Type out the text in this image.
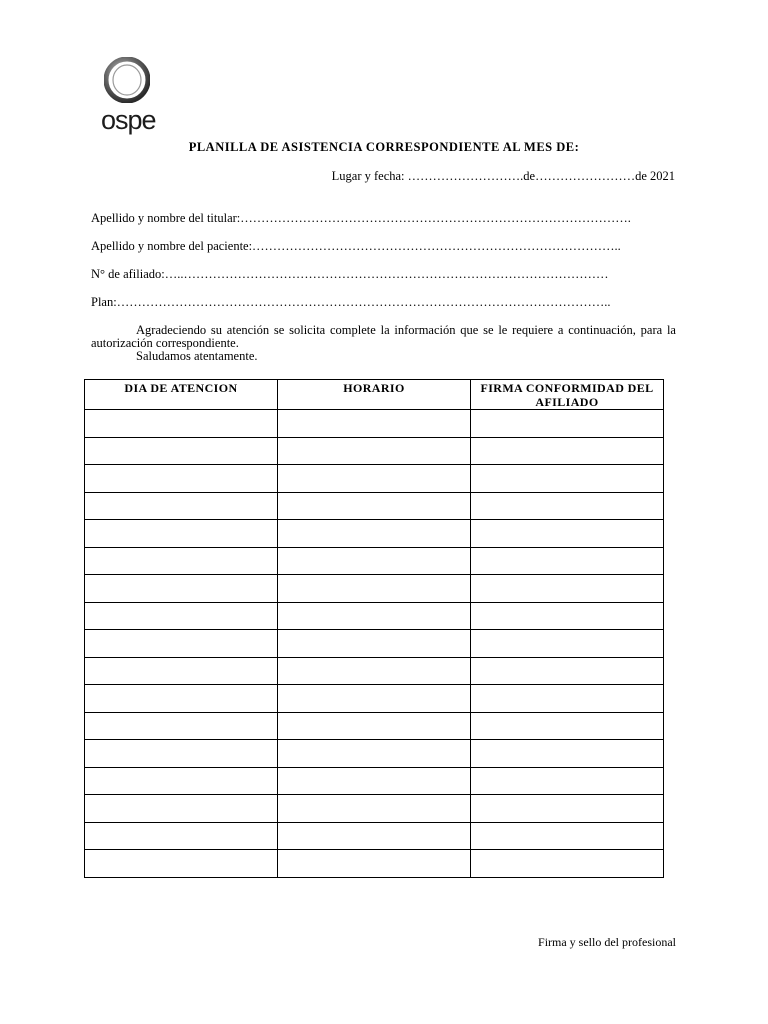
ospe
PLANILLA DE ASISTENCIA CORRESPONDIENTE AL MES DE:
Lugar y fecha: ……………………….de……………………de 2021
Apellido y nombre del titular:………………………………………………………………………………….
Apellido y nombre del paciente:……………………………………………………………………………..
N° de afiliado:…..…………………………………………………………………………………………
Plan:………………………………………………………………………………………………………..

Agradeciendo su atención se solicita complete la información que se le requiere a continuación, para la autorización correspondiente.

Saludamos atentamente.

DIA DE ATENCION	HORARIO	FIRMA CONFORMIDAD DEL AFILIADO

Firma y sello del profesional
